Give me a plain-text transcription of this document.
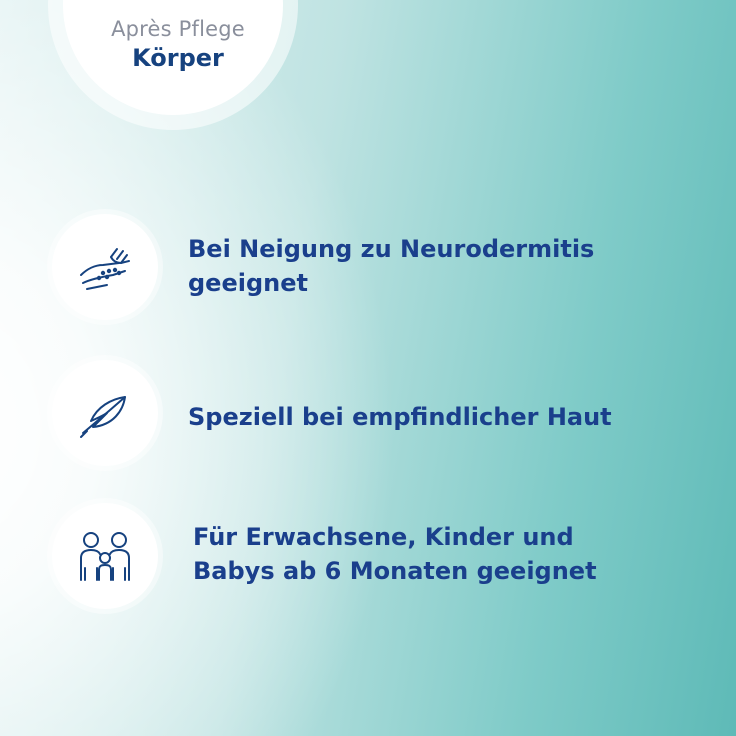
Après Pflege
Körper
Bei Neigung zu Neurodermitis
geeignet
Speziell bei empfindlicher Haut
Für Erwachsene, Kinder und
Babys ab 6 Monaten geeignet
